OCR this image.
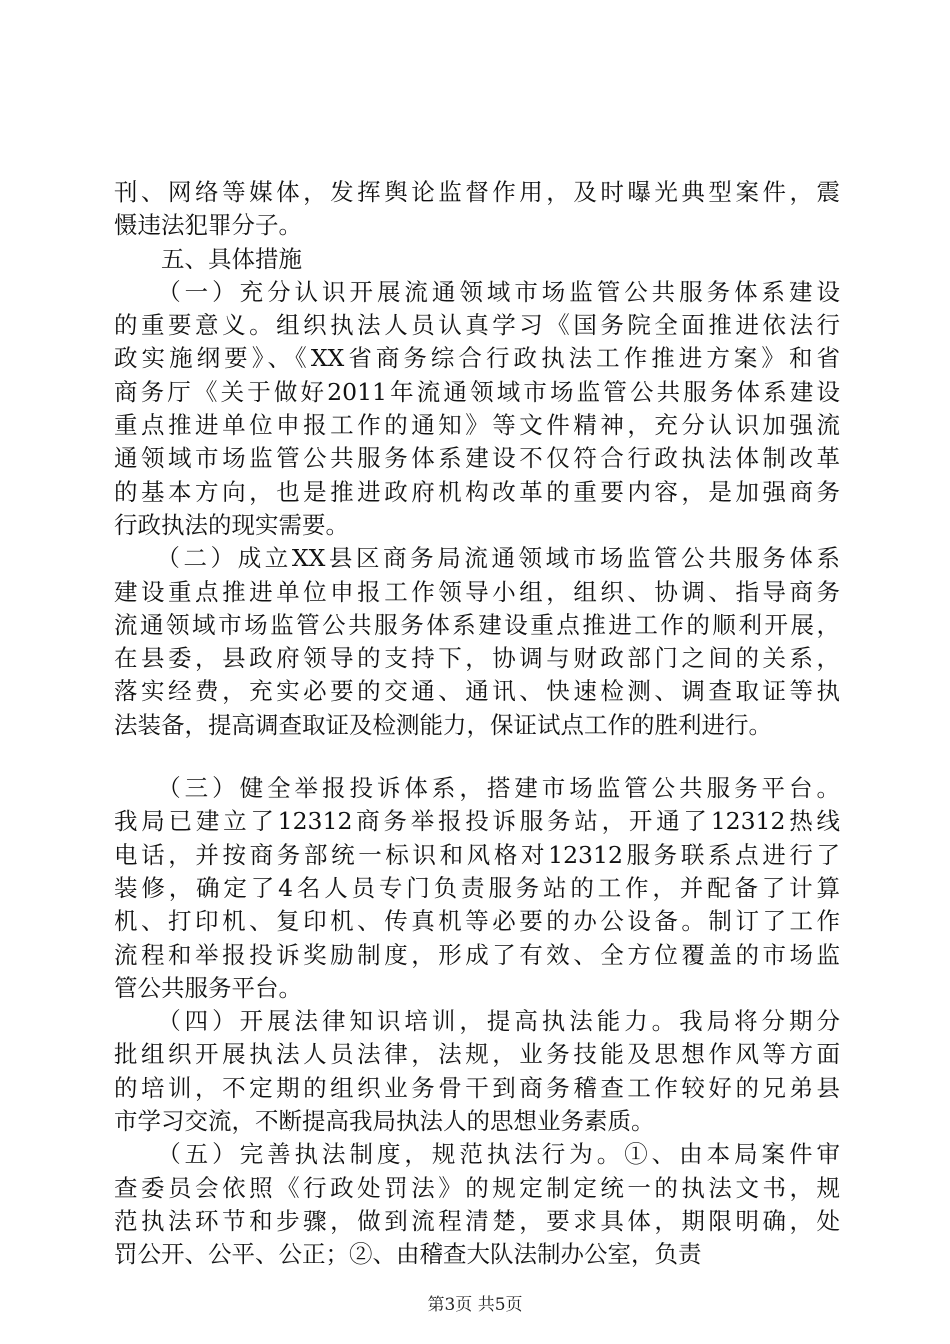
刊、网络等媒体，发挥舆论监督作用，及时曝光典型案件，震

慑违法犯罪分子。

　　五、具体措施

　　（一）充分认识开展流通领域市场监管公共服务体系建设

的重要意义。组织执法人员认真学习《国务院全面推进依法行

政实施纲要》、《XX省商务综合行政执法工作推进方案》和省

商务厅《关于做好2011年流通领域市场监管公共服务体系建设

重点推进单位申报工作的通知》等文件精神，充分认识加强流

通领域市场监管公共服务体系建设不仅符合行政执法体制改革

的基本方向，也是推进政府机构改革的重要内容，是加强商务

行政执法的现实需要。

　　（二）成立XX县区商务局流通领域市场监管公共服务体系

建设重点推进单位申报工作领导小组，组织、协调、指导商务

流通领域市场监管公共服务体系建设重点推进工作的顺利开展，

在县委，县政府领导的支持下，协调与财政部门之间的关系，

落实经费，充实必要的交通、通讯、快速检测、调查取证等执

法装备，提高调查取证及检测能力，保证试点工作的胜利进行。

　　（三）健全举报投诉体系，搭建市场监管公共服务平台。

我局已建立了12312商务举报投诉服务站，开通了12312热线

电话，并按商务部统一标识和风格对12312服务联系点进行了

装修，确定了4名人员专门负责服务站的工作，并配备了计算

机、打印机、复印机、传真机等必要的办公设备。制订了工作

流程和举报投诉奖励制度，形成了有效、全方位覆盖的市场监

管公共服务平台。

　　（四）开展法律知识培训，提高执法能力。我局将分期分

批组织开展执法人员法律，法规，业务技能及思想作风等方面

的培训，不定期的组织业务骨干到商务稽查工作较好的兄弟县

市学习交流，不断提高我局执法人的思想业务素质。

　　（五）完善执法制度，规范执法行为。①、由本局案件审

查委员会依照《行政处罚法》的规定制定统一的执法文书，规

范执法环节和步骤，做到流程清楚，要求具体，期限明确，处

罚公开、公平、公正；②、由稽查大队法制办公室，负责

第3页 共5页
